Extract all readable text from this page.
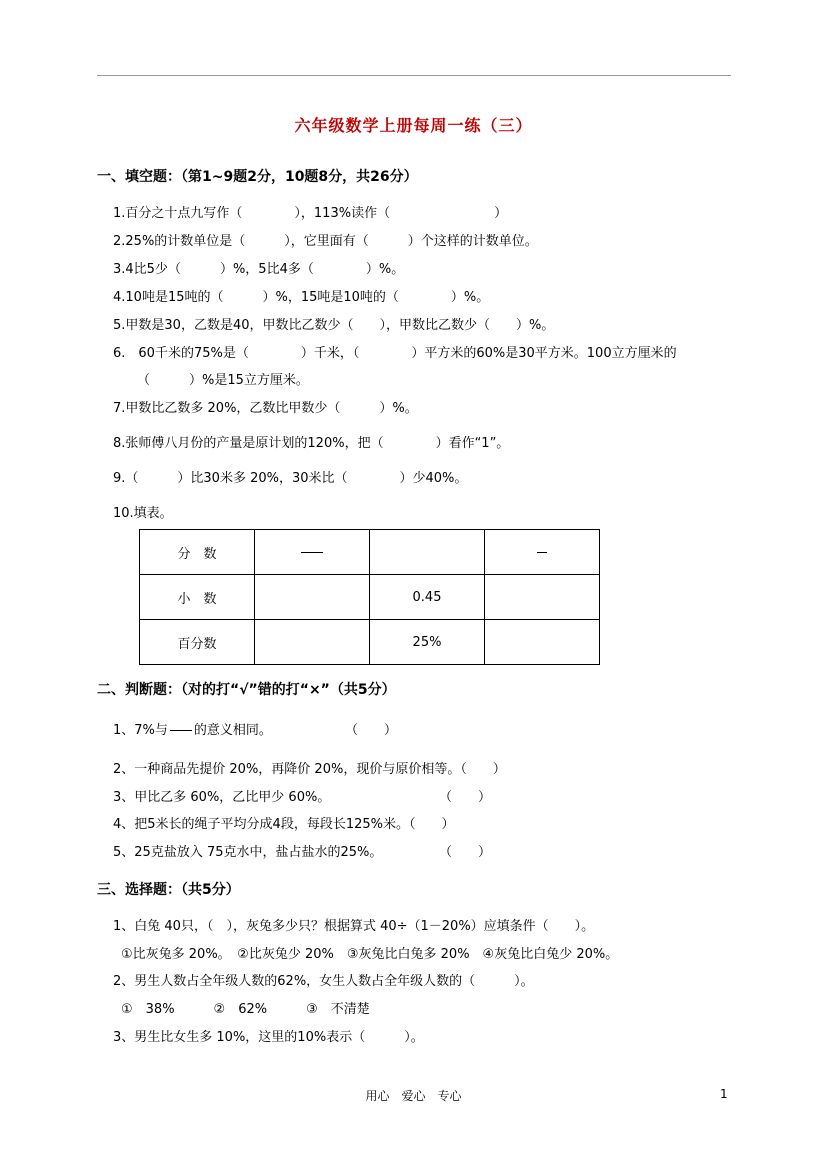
六年级数学上册每周一练（三）
一、填空题：（第1~9题2分，10题8分，共26分）
1.百分之十点九写作（　　　　），113%读作（　　　　　　　　）
2.25%的计数单位是（　　　），它里面有（　　　）个这样的计数单位。
3.4比5少（　　　）%，5比4多（　　　　）%。
4.10吨是15吨的（　　　）%，15吨是10吨的（　　　　）%。
5.甲数是30，乙数是40，甲数比乙数少（　　），甲数比乙数少（　　）%。
6.　60千米的75%是（　　　　）千米，（　　　　）平方米的60%是30平方米。100立方厘米的
（　　　）%是15立方厘米。
7.甲数比乙数多 20%，乙数比甲数少（　　　）%。
8.张师傅八月份的产量是原计划的120%，把（　　　　）看作“1”。
9.（　　　）比30米多 20%，30米比（　　　　）少40%。
10.填表。
分　数			
小　数		0.45	
百分数		25%	
二、判断题：（对的打“√”错的打“×”（共5分）
1、7%与 的意义相同。	（　　）
2、一种商品先提价 20%，再降价 20%，现价与原价相等。（　　）
3、甲比乙多 60%，乙比甲少 60%。	（　　）
4、把5米长的绳子平均分成4段，每段长125%米。（　　）
5、25克盐放入 75克水中，盐占盐水的25%。	（　　）
三、选择题：（共5分）
1、白兔 40只，（　），灰兔多少只？根据算式 40÷（1－20%）应填条件（　　）。
①比灰兔多 20%。　②比灰兔少 20%　③灰兔比白兔多 20%　④灰兔比白兔少 20%。
2、男生人数占全年级人数的62%，女生人数占全年级人数的（　　　）。
①　38%　　　②　62%　　　③　不清楚
3、男生比女生多 10%，这里的10%表示（　　　）。
用心　爱心　专心	1
